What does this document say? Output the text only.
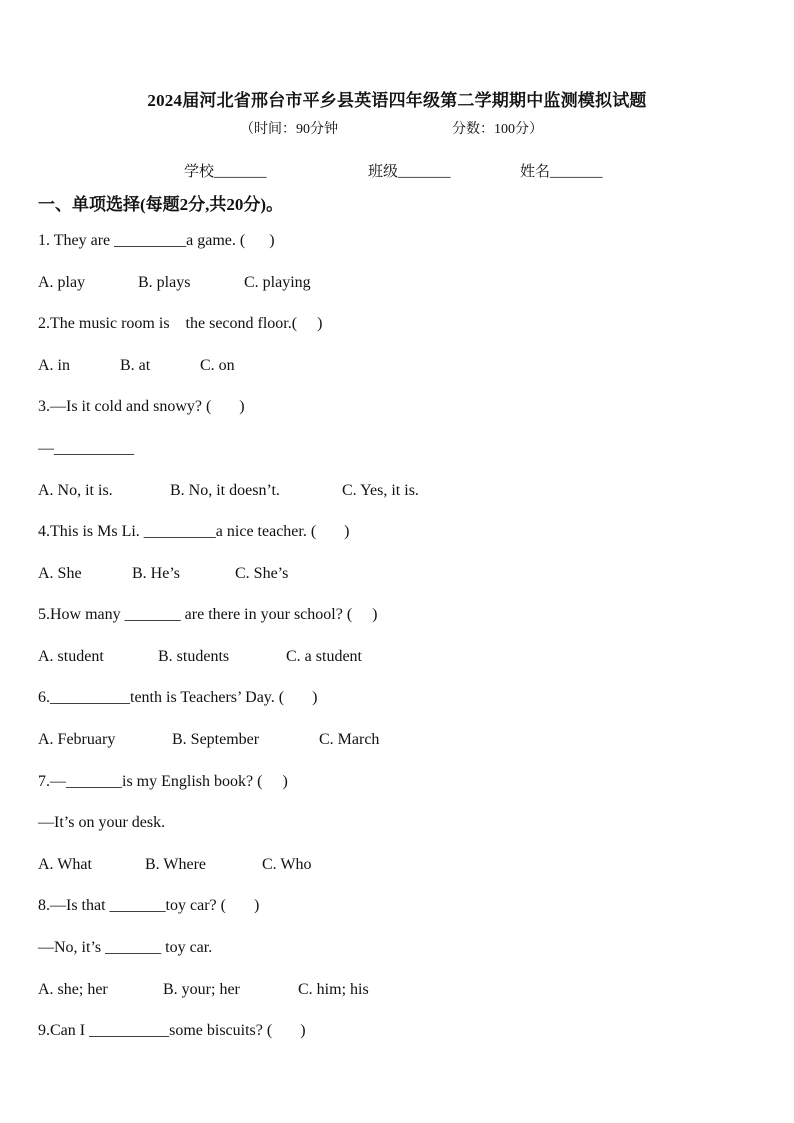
2024届河北省邢台市平乡县英语四年级第二学期期中监测模拟试题
（时间：90分钟	分数：100分）
学校_______	班级_______	姓名_______
一、单项选择(每题2分,共20分)。
1. They are _________a game. (      )
A. play	B. plays	C. playing
2.The music room is    the second floor.(     )
A. in	B. at	C. on
3.—Is it cold and snowy? (       )
—__________
A. No, it is.	B. No, it doesn’t.	C. Yes, it is.
4.This is Ms Li. _________a nice teacher. (       )
A. She	B. He’s	C. She’s
5.How many _______ are there in your school? (     )
A. student	B. students	C. a student
6.__________tenth is Teachers’ Day. (       )
A. February	B. September	C. March
7.—_______is my English book? (     )
—It’s on your desk.
A. What	B. Where	C. Who
8.—Is that _______toy car? (       )
—No, it’s _______ toy car.
A. she; her	B. your; her	C. him; his
9.Can I __________some biscuits? (       )
